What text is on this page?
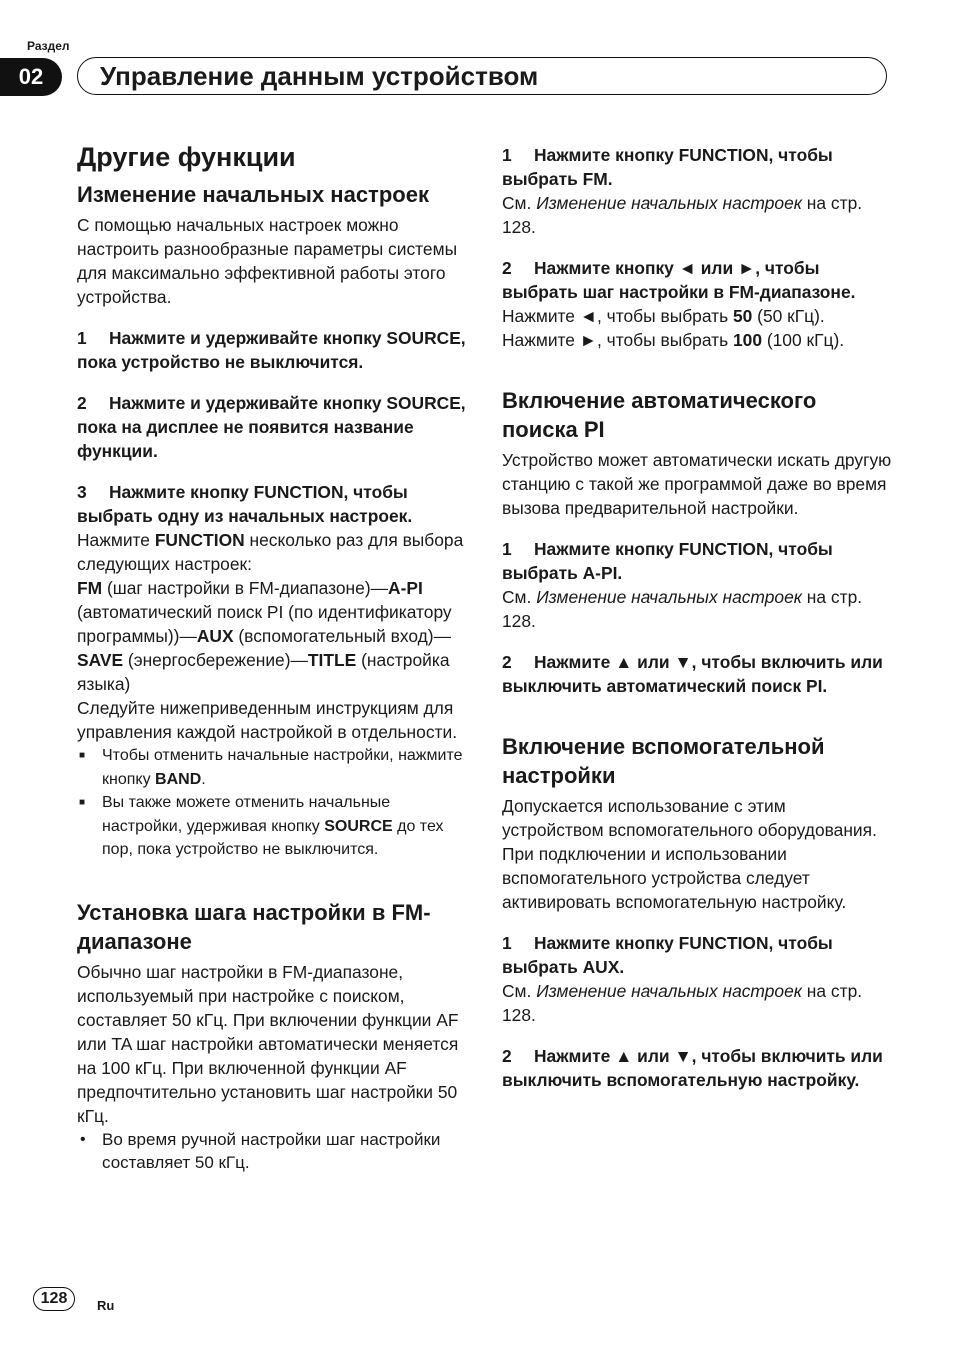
Раздел
02	Управление данным устройством
Другие функции
Изменение начальных настроек

С помощью начальных настроек можно настроить разнообразные параметры системы для максимально эффективной работы этого устройства.

1 Нажмите и удерживайте кнопку SOURCE, пока устройство не выключится.

2 Нажмите и удерживайте кнопку SOURCE, пока на дисплее не появится название функции.

3 Нажмите кнопку FUNCTION, чтобы выбрать одну из начальных настроек.

Нажмите FUNCTION несколько раз для выбора следующих настроек:

FM (шаг настройки в FM-диапазоне)—A-PI (автоматический поиск PI (по идентификатору программы))—AUX (вспомогательный вход)—SAVE (энергосбережение)—TITLE (настройка языка)

Следуйте нижеприведенным инструкциям для управления каждой настройкой в отдельности.

■ Чтобы отменить начальные настройки, нажмите кнопку BAND.

■ Вы также можете отменить начальные настройки, удерживая кнопку SOURCE до тех пор, пока устройство не выключится.

Установка шага настройки в FM-диапазоне

Обычно шаг настройки в FM-диапазоне, используемый при настройке с поиском, составляет 50 кГц. При включении функции AF или TA шаг настройки автоматически меняется на 100 кГц. При включенной функции AF предпочтительно установить шаг настройки 50 кГц.

• Во время ручной настройки шаг настройки составляет 50 кГц.

1 Нажмите кнопку FUNCTION, чтобы выбрать FM.

См. Изменение начальных настроек на стр. 128.

2 Нажмите кнопку ◄ или ►, чтобы выбрать шаг настройки в FM-диапазоне.

Нажмите ◄, чтобы выбрать 50 (50 кГц). Нажмите ►, чтобы выбрать 100 (100 кГц).

Включение автоматического поиска PI

Устройство может автоматически искать другую станцию с такой же программой даже во время вызова предварительной настройки.

1 Нажмите кнопку FUNCTION, чтобы выбрать A-PI.

См. Изменение начальных настроек на стр. 128.

2 Нажмите ▲ или ▼, чтобы включить или выключить автоматический поиск PI.

Включение вспомогательной настройки

Допускается использование с этим устройством вспомогательного оборудования. При подключении и использовании вспомогательного устройства следует активировать вспомогательную настройку.

1 Нажмите кнопку FUNCTION, чтобы выбрать AUX.

См. Изменение начальных настроек на стр. 128.

2 Нажмите ▲ или ▼, чтобы включить или выключить вспомогательную настройку.

128	Ru
